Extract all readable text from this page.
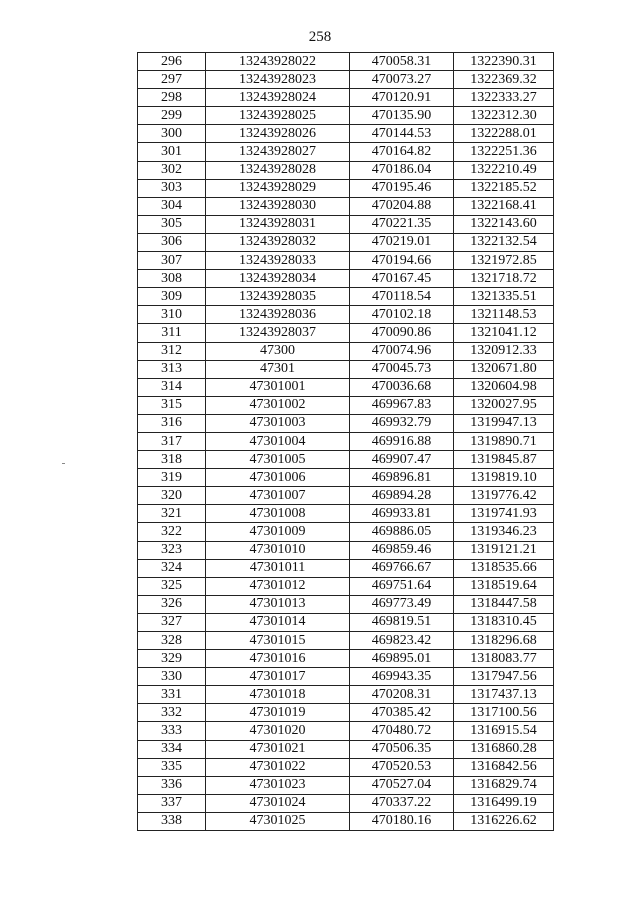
258
296	13243928022	470058.31	1322390.31
297	13243928023	470073.27	1322369.32
298	13243928024	470120.91	1322333.27
299	13243928025	470135.90	1322312.30
300	13243928026	470144.53	1322288.01
301	13243928027	470164.82	1322251.36
302	13243928028	470186.04	1322210.49
303	13243928029	470195.46	1322185.52
304	13243928030	470204.88	1322168.41
305	13243928031	470221.35	1322143.60
306	13243928032	470219.01	1322132.54
307	13243928033	470194.66	1321972.85
308	13243928034	470167.45	1321718.72
309	13243928035	470118.54	1321335.51
310	13243928036	470102.18	1321148.53
311	13243928037	470090.86	1321041.12
312	47300	470074.96	1320912.33
313	47301	470045.73	1320671.80
314	47301001	470036.68	1320604.98
315	47301002	469967.83	1320027.95
316	47301003	469932.79	1319947.13
317	47301004	469916.88	1319890.71
318	47301005	469907.47	1319845.87
319	47301006	469896.81	1319819.10
320	47301007	469894.28	1319776.42
321	47301008	469933.81	1319741.93
322	47301009	469886.05	1319346.23
323	47301010	469859.46	1319121.21
324	47301011	469766.67	1318535.66
325	47301012	469751.64	1318519.64
326	47301013	469773.49	1318447.58
327	47301014	469819.51	1318310.45
328	47301015	469823.42	1318296.68
329	47301016	469895.01	1318083.77
330	47301017	469943.35	1317947.56
331	47301018	470208.31	1317437.13
332	47301019	470385.42	1317100.56
333	47301020	470480.72	1316915.54
334	47301021	470506.35	1316860.28
335	47301022	470520.53	1316842.56
336	47301023	470527.04	1316829.74
337	47301024	470337.22	1316499.19
338	47301025	470180.16	1316226.62
